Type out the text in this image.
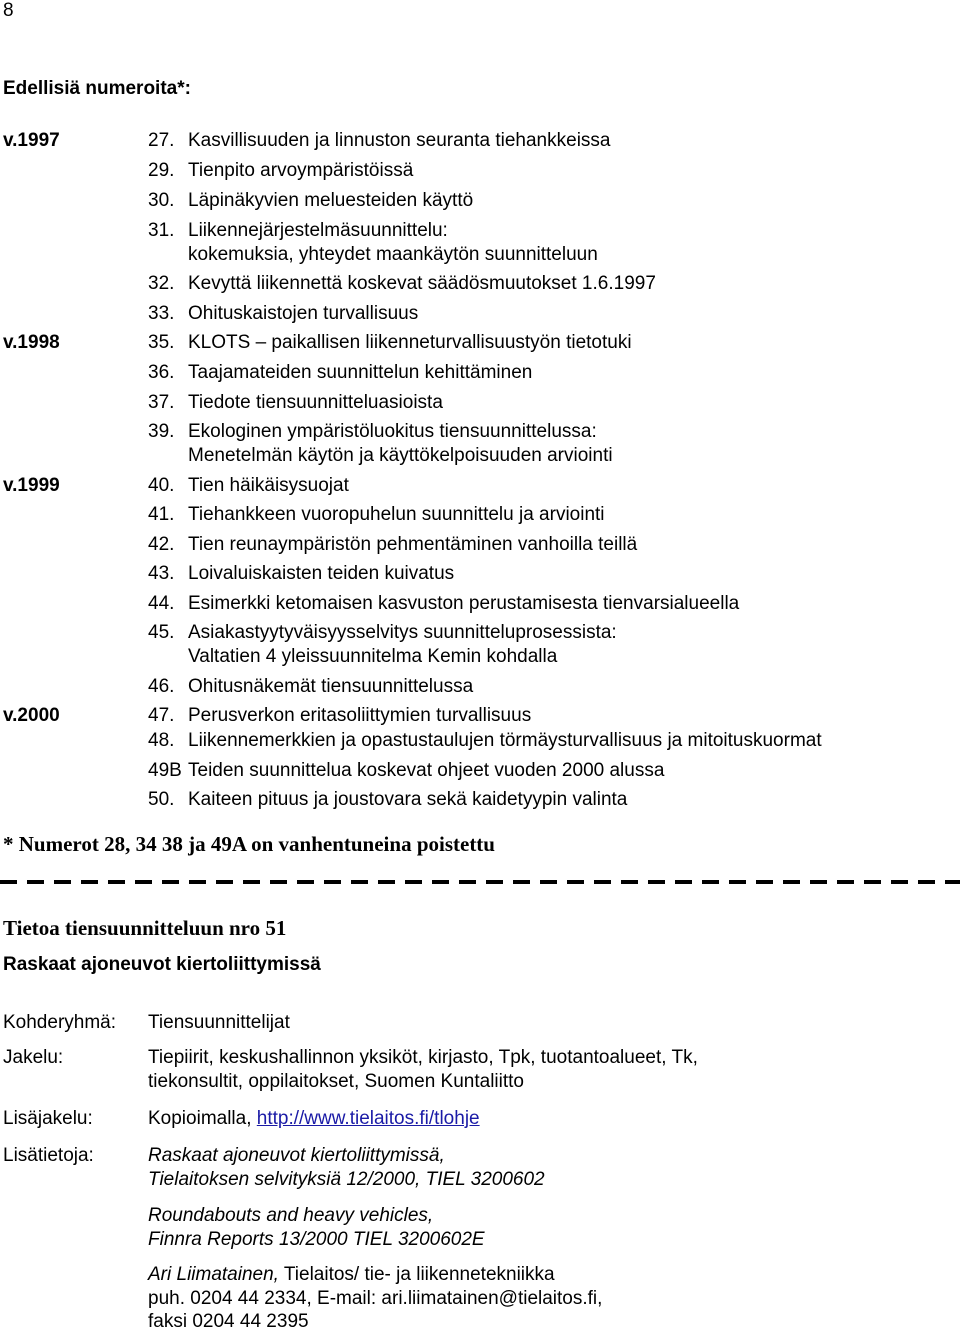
8
Edellisiä numeroita*:
v.1997	27. Kasvillisuuden ja linnuston seuranta tiehankkeissa
29. Tienpito arvoympäristöissä
30. Läpinäkyvien meluesteiden käyttö
31. Liikennejärjestelmäsuunnittelu:
kokemuksia, yhteydet maankäytön suunnitteluun
32. Kevyttä liikennettä koskevat säädösmuutokset 1.6.1997
33. Ohituskaistojen turvallisuus
v.1998	35. KLOTS – paikallisen liikenneturvallisuustyön tietotuki
36. Taajamateiden suunnittelun kehittäminen
37. Tiedote tiensuunnitteluasioista
39. Ekologinen ympäristöluokitus tiensuunnittelussa:
Menetelmän käytön ja käyttökelpoisuuden arviointi
v.1999	40. Tien häikäisysuojat
41. Tiehankkeen vuoropuhelun suunnittelu ja arviointi
42. Tien reunaympäristön pehmentäminen vanhoilla teillä
43. Loivaluiskaisten teiden kuivatus
44. Esimerkki ketomaisen kasvuston perustamisesta tienvarsialueella
45. Asiakastyytyväisyysselvitys suunnitteluprosessista:
Valtatien 4 yleissuunnitelma Kemin kohdalla
46. Ohitusnäkemät tiensuunnittelussa
v.2000	47. Perusverkon eritasoliittymien turvallisuus
48. Liikennemerkkien ja opastustaulujen törmäysturvallisuus ja mitoituskuormat
49B Teiden suunnittelua koskevat ohjeet vuoden 2000 alussa
50. Kaiteen pituus ja joustovara sekä kaidetyypin valinta
* Numerot 28, 34 38 ja 49A on vanhentuneina poistettu
Tietoa tiensuunnitteluun nro 51
Raskaat ajoneuvot kiertoliittymissä
Kohderyhmä: Tiensuunnittelijat
Jakelu:	Tiepiirit, keskushallinnon yksiköt, kirjasto, Tpk, tuotantoalueet, Tk,
tiekonsultit, oppilaitokset, Suomen Kuntaliitto
Lisäjakelu:	Kopioimalla, http://www.tielaitos.fi/tlohje
Lisätietoja:	Raskaat ajoneuvot kiertoliittymissä,
Tielaitoksen selvityksiä 12/2000, TIEL 3200602
Roundabouts and heavy vehicles,
Finnra Reports 13/2000 TIEL 3200602E
Ari Liimatainen, Tielaitos/ tie- ja liikennetekniikka
puh. 0204 44 2334, E-mail: ari.liimatainen@tielaitos.fi,
faksi 0204 44 2395
